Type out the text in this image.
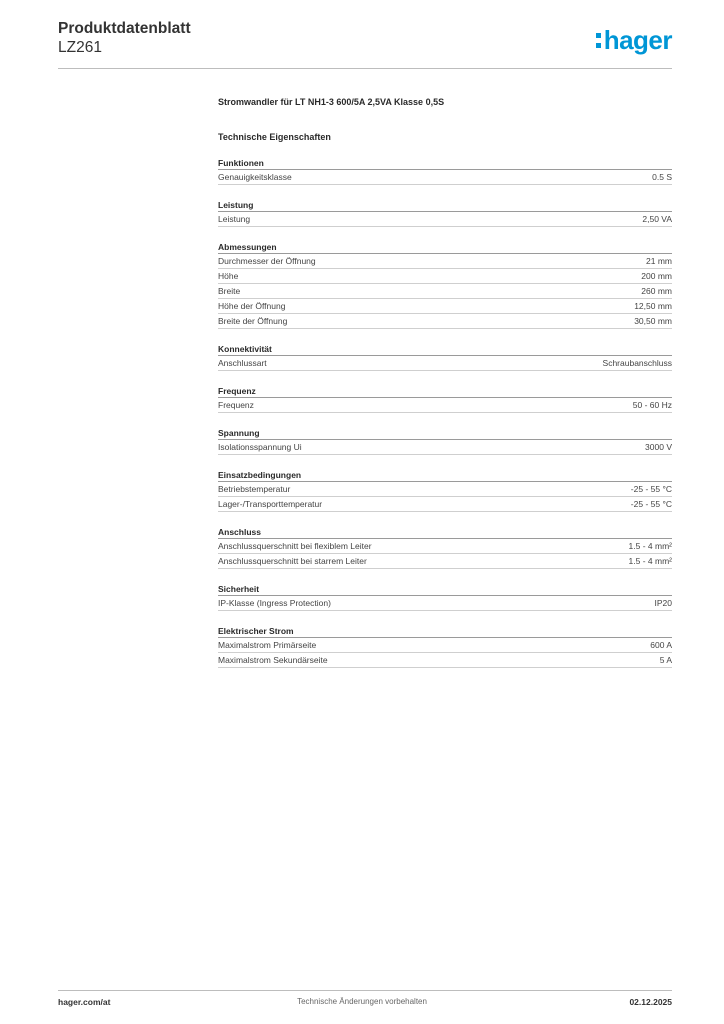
Produktdatenblatt
LZ261	hager
Stromwandler für LT NH1-3 600/5A 2,5VA Klasse 0,5S
Technische Eigenschaften
Funktionen
Genauigkeitsklasse	0.5 S
Leistung
Leistung	2,50 VA
Abmessungen
Durchmesser der Öffnung	21 mm
Höhe	200 mm
Breite	260 mm
Höhe der Öffnung	12,50 mm
Breite der Öffnung	30,50 mm
Konnektivität
Anschlussart	Schraubanschluss
Frequenz
Frequenz	50 - 60 Hz
Spannung
Isolationsspannung Ui	3000 V
Einsatzbedingungen
Betriebstemperatur	-25 - 55 °C
Lager-/Transporttemperatur	-25 - 55 °C
Anschluss
Anschlussquerschnitt bei flexiblem Leiter	1.5 - 4 mm²
Anschlussquerschnitt bei starrem Leiter	1.5 - 4 mm²
Sicherheit
IP-Klasse (Ingress Protection)	IP20
Elektrischer Strom
Maximalstrom Primärseite	600 A
Maximalstrom Sekundärseite	5 A
hager.com/at	Technische Änderungen vorbehalten	02.12.2025
